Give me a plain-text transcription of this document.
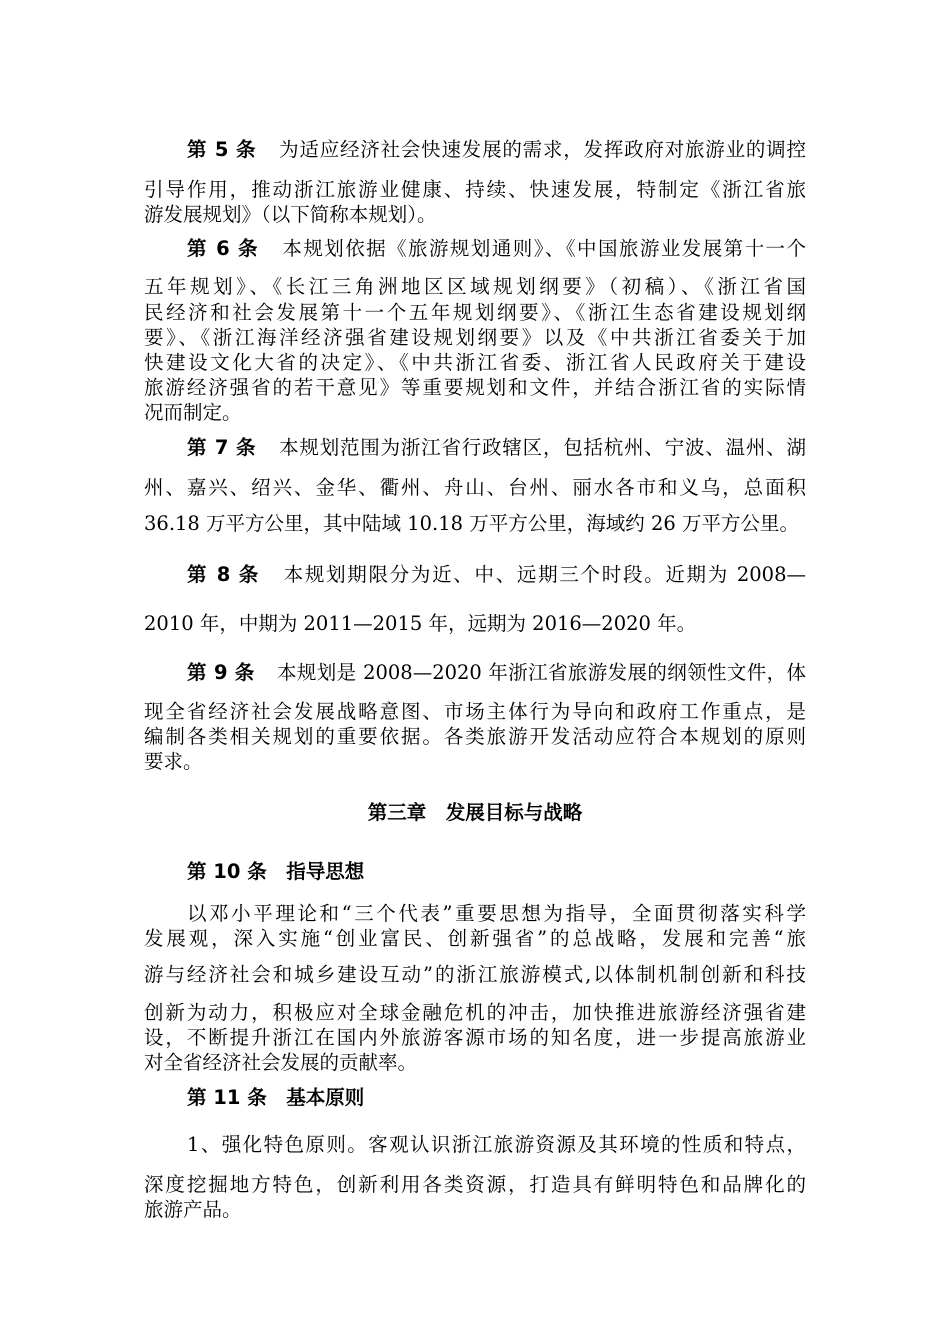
第 5 条 为适应经济社会快速发展的需求，发挥政府对旅游业的调控
引导作用，推动浙江旅游业健康、持续、快速发展，特制定《浙江省旅
游发展规划》（以下简称本规划）。
第 6 条 本规划依据《旅游规划通则》、《中国旅游业发展第十一个
五年规划》、《长江三角洲地区区域规划纲要》（初稿）、《浙江省国
民经济和社会发展第十一个五年规划纲要》、《浙江生态省建设规划纲
要》、《浙江海洋经济强省建设规划纲要》以及《中共浙江省委关于加
快建设文化大省的决定》、《中共浙江省委、浙江省人民政府关于建设
旅游经济强省的若干意见》等重要规划和文件，并结合浙江省的实际情
况而制定。
第 7 条 本规划范围为浙江省行政辖区，包括杭州、宁波、温州、湖
州、嘉兴、绍兴、金华、衢州、舟山、台州、丽水各市和义乌，总面积
36.18 万平方公里，其中陆域 10.18 万平方公里，海域约 26 万平方公里。
第 8 条 本规划期限分为近、中、远期三个时段。近期为 2008—
2010 年，中期为 2011—2015 年，远期为 2016—2020 年。
第 9 条 本规划是 2008—2020 年浙江省旅游发展的纲领性文件，体
现全省经济社会发展战略意图、市场主体行为导向和政府工作重点，是
编制各类相关规划的重要依据。各类旅游开发活动应符合本规划的原则
要求。
第三章　发展目标与战略
第 10 条　指导思想
以邓小平理论和“三个代表”重要思想为指导，全面贯彻落实科学
发展观，深入实施“创业富民、创新强省”的总战略，发展和完善“旅
游与经济社会和城乡建设互动”的浙江旅游模式,以体制机制创新和科技
创新为动力，积极应对全球金融危机的冲击，加快推进旅游经济强省建
设，不断提升浙江在国内外旅游客源市场的知名度，进一步提高旅游业
对全省经济社会发展的贡献率。
第 11 条　基本原则
1、强化特色原则。客观认识浙江旅游资源及其环境的性质和特点，
深度挖掘地方特色，创新利用各类资源，打造具有鲜明特色和品牌化的
旅游产品。
